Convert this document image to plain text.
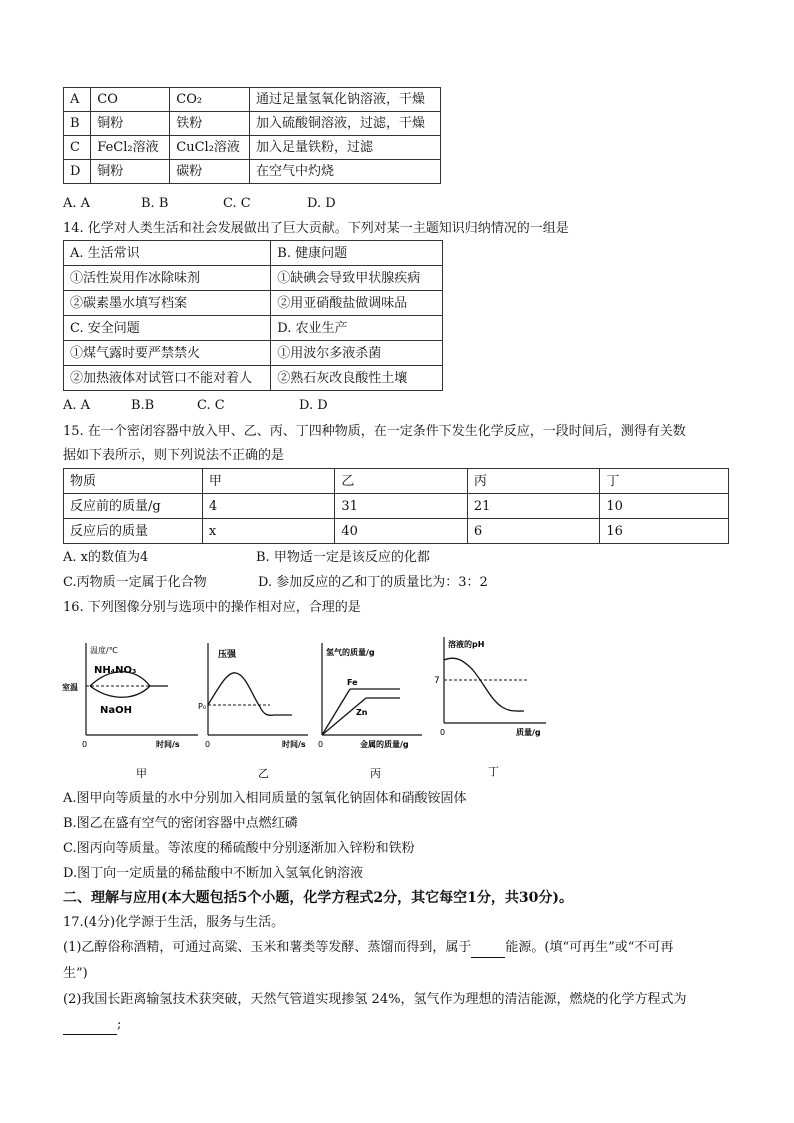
A	CO	CO₂	通过足量氢氧化钠溶液，干燥
B	铜粉	铁粉	加入硫酸铜溶液，过滤，干燥
C	FeCl₂溶液	CuCl₂溶液	加入足量铁粉，过滤
D	铜粉	碳粉	在空气中灼烧
A. A	B. B	C. C	D. D
14. 化学对人类生活和社会发展做出了巨大贡献。下列对某一主题知识归纳情况的一组是
A. 生活常识	B. 健康问题
①活性炭用作冰除味剂	①缺碘会导致甲状腺疾病
②碳素墨水填写档案	②用亚硝酸盐做调味品
C. 安全问题	D. 农业生产
①煤气露时要严禁禁火	①用波尔多液杀菌
②加热液体对试管口不能对着人	②熟石灰改良酸性土壤
A. A	B.B	C. C	D. D
15. 在一个密闭容器中放入甲、乙、丙、丁四种物质，在一定条件下发生化学反应，一段时间后，测得有关数
据如下表所示，则下列说法不正确的是
物质	甲	乙	丙	丁
反应前的质量/g	4	31	21	10
反应后的质量	x	40	6	16
A. x的数值为4	B. 甲物适一定是该反应的化都
C.丙物质一定属于化合物	D. 参加反应的乙和丁的质量比为：3：2
16. 下列图像分别与选项中的操作相对应，合理的是
温度/℃
NH₄NO₃
室温
NaOH
0	时间/s
甲
压强
P₀
0	时间/s
乙
氢气的质量/g
Fe
Zn
0	金属的质量/g
丙
溶液的pH
7
0	质量/g
丁
A.图甲向等质量的水中分别加入相同质量的氢氧化钠固体和硝酸铵固体
B.图乙在盛有空气的密闭容器中点燃红磷
C.图丙向等质量。等浓度的稀硫酸中分别逐渐加入锌粉和铁粉
D.图丁向一定质量的稀盐酸中不断加入氢氧化钠溶液
二、理解与应用(本大题包括5个小题，化学方程式2分，其它每空1分，共30分)。
17.(4分)化学源于生活，服务与生活。
(1)乙醇俗称酒精，可通过高粱、玉米和薯类等发酵、蒸馏而得到，属于	能源。(填“可再生”或“不可再
生”)
(2)我国长距离输氢技术获突破，天然气管道实现掺氢 24%，氢气作为理想的清洁能源，燃烧的化学方程式为
;
